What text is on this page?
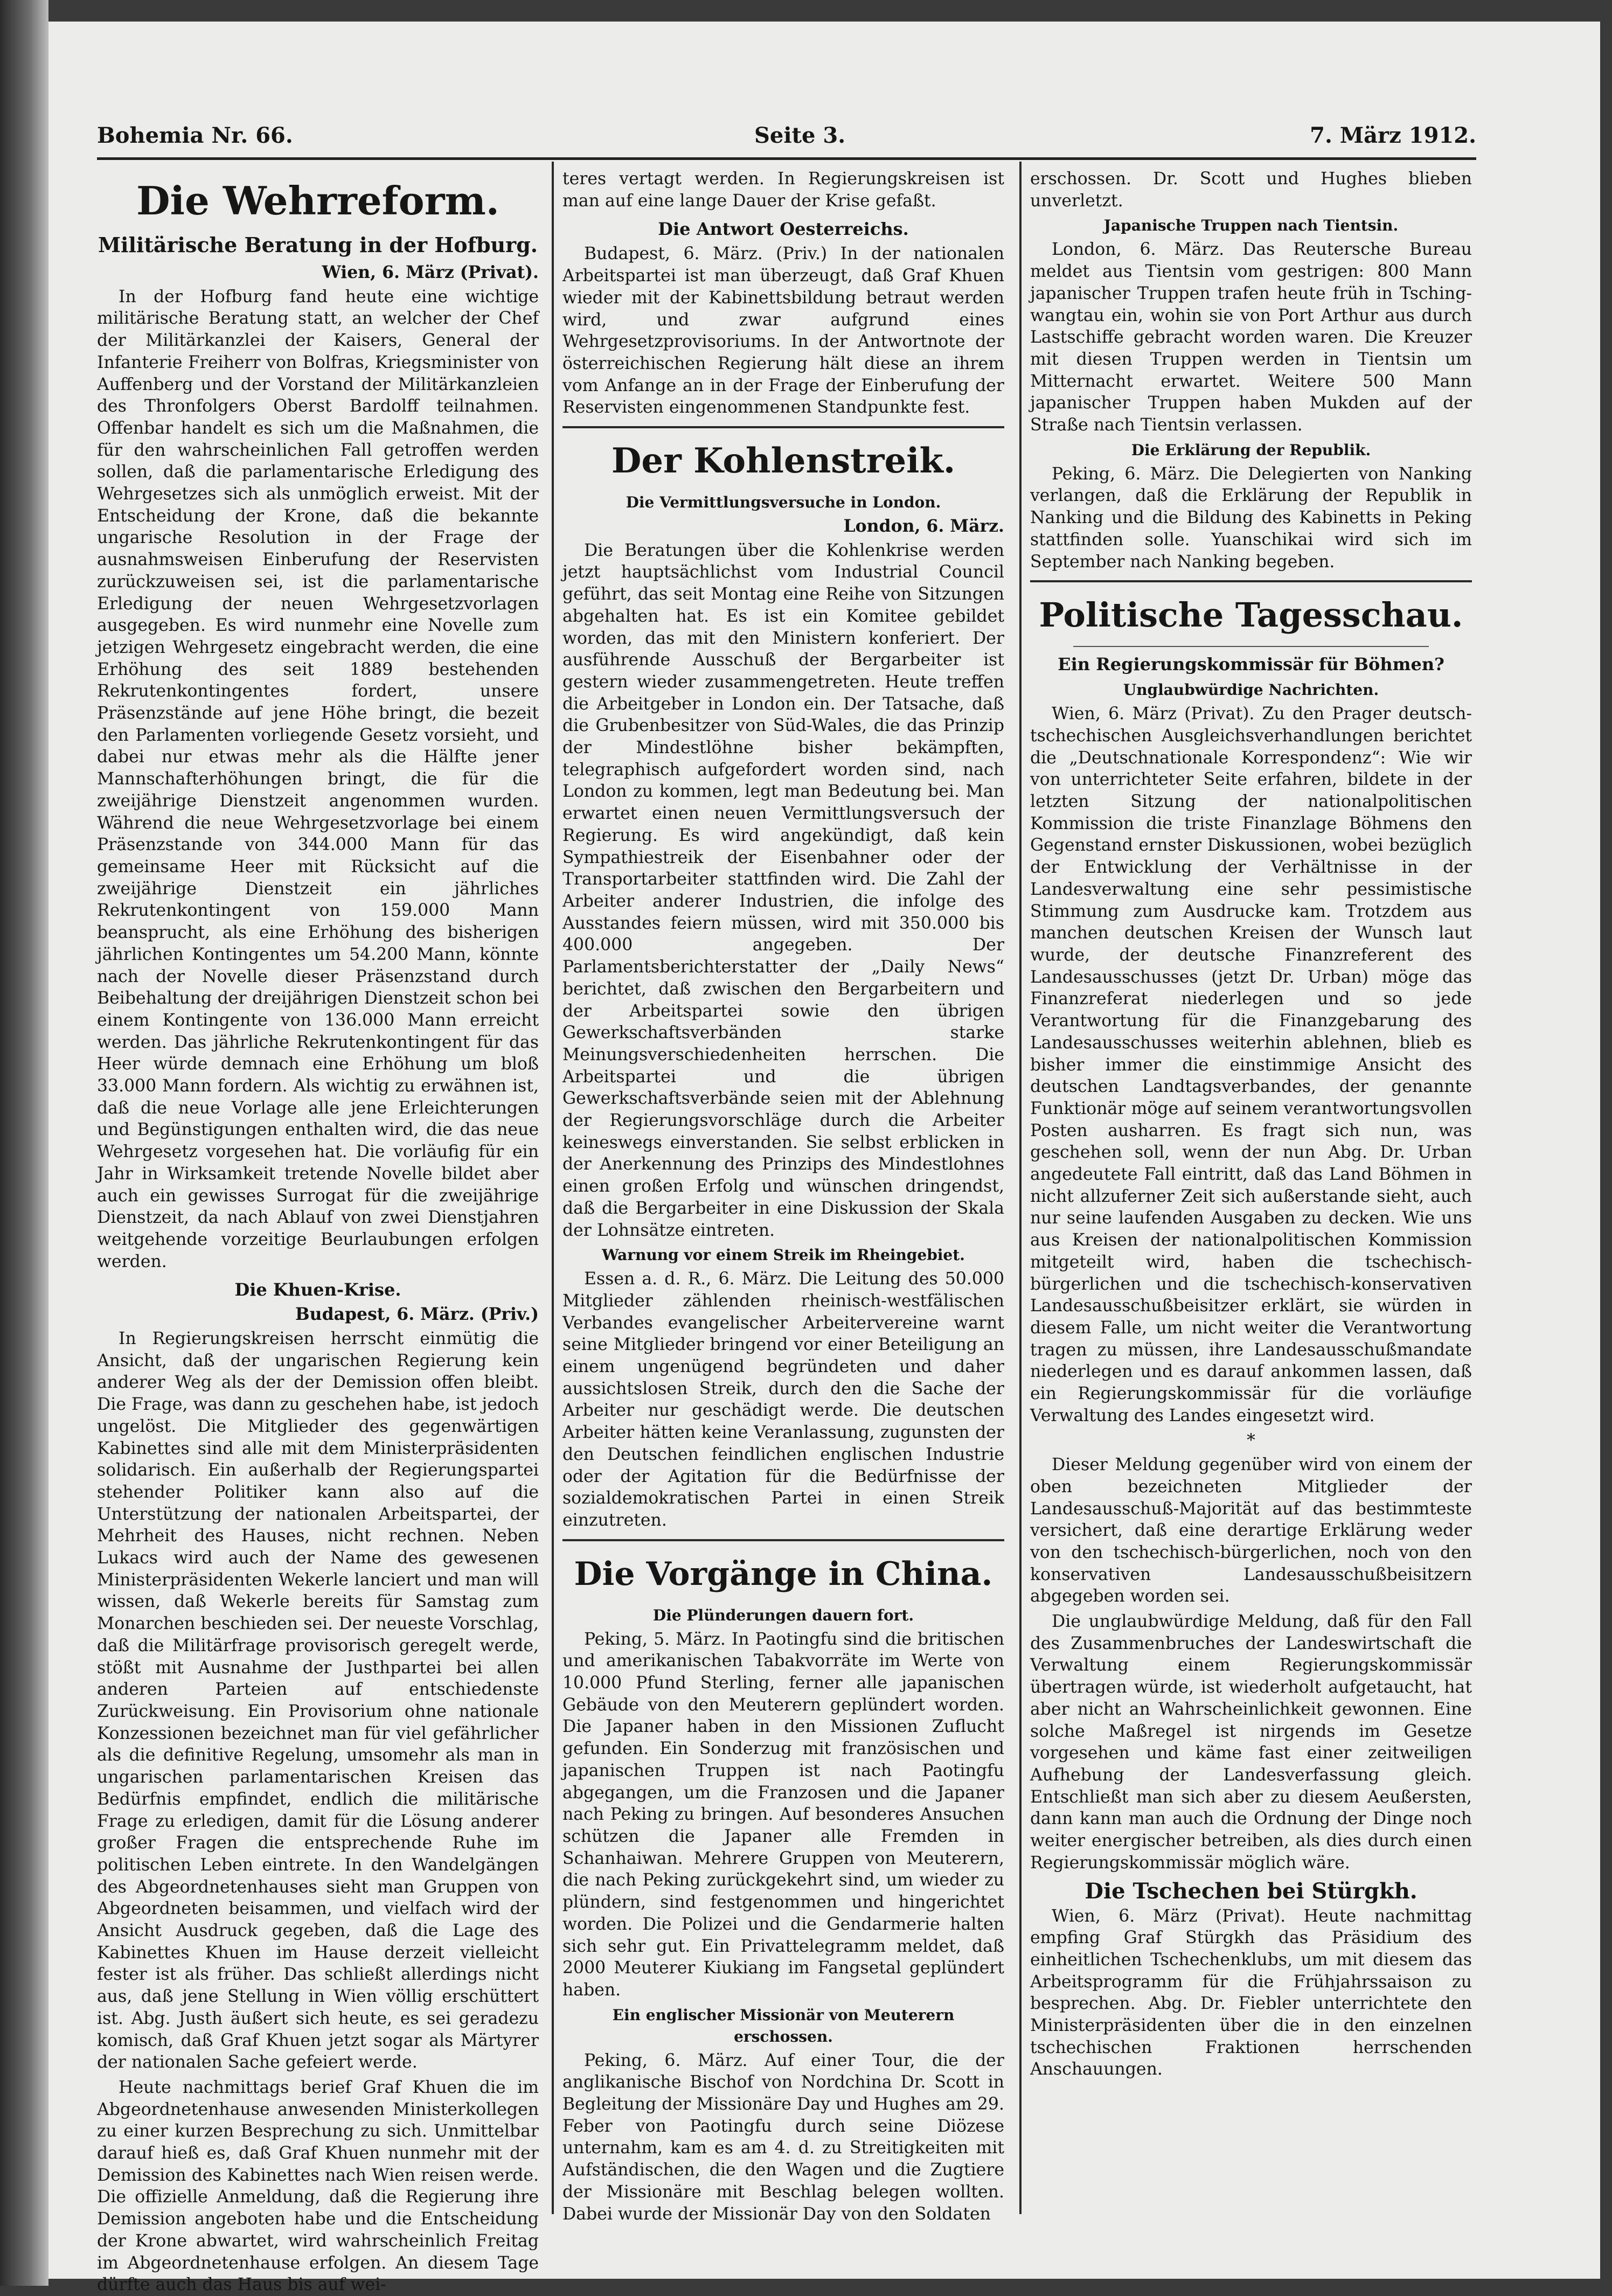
Bohemia Nr. 66.	Seite 3.	7. März 1912.
Die Wehrreform.
Militärische Beratung in der Hofburg.
Wien, 6. März (Privat).

In der Hofburg fand heute eine wichtige militärische Beratung statt, an welcher der Chef der Militärkanzlei der Kaisers, General der Infanterie Freiherr von Bolfras, Kriegsminister von Auffenberg und der Vorstand der Militärkanzleien des Thronfolgers Oberst Bardolff teilnahmen. Offenbar handelt es sich um die Maßnahmen, die für den wahrscheinlichen Fall getroffen werden sollen, daß die parlamentarische Erledigung des Wehrgesetzes sich als unmöglich erweist. Mit der Entscheidung der Krone, daß die bekannte ungarische Resolution in der Frage der ausnahmsweisen Einberufung der Reservisten zurückzuweisen sei, ist die parlamentarische Erledigung der neuen Wehrgesetzvorlagen ausgegeben. Es wird nunmehr eine Novelle zum jetzigen Wehrgesetz eingebracht werden, die eine Erhöhung des seit 1889 bestehenden Rekrutenkontingentes fordert, unsere Präsenzstände auf jene Höhe bringt, die bezeit den Parlamenten vorliegende Gesetz vorsieht, und dabei nur etwas mehr als die Hälfte jener Mannschafterhöhungen bringt, die für die zweijährige Dienstzeit angenommen wurden. Während die neue Wehrgesetzvorlage bei einem Präsenzstande von 344.000 Mann für das gemeinsame Heer mit Rücksicht auf die zweijährige Dienstzeit ein jährliches Rekrutenkontingent von 159.000 Mann beansprucht, als eine Erhöhung des bisherigen jährlichen Kontingentes um 54.200 Mann, könnte nach der Novelle dieser Präsenzstand durch Beibehaltung der dreijährigen Dienstzeit schon bei einem Kontingente von 136.000 Mann erreicht werden. Das jährliche Rekrutenkontingent für das Heer würde demnach eine Erhöhung um bloß 33.000 Mann fordern. Als wichtig zu erwähnen ist, daß die neue Vorlage alle jene Erleichterungen und Begünstigungen enthalten wird, die das neue Wehrgesetz vorgesehen hat. Die vorläufig für ein Jahr in Wirksamkeit tretende Novelle bildet aber auch ein gewisses Surrogat für die zweijährige Dienstzeit, da nach Ablauf von zwei Dienstjahren weitgehende vorzeitige Beurlaubungen erfolgen werden.

Die Khuen-Krise.
Budapest, 6. März. (Priv.)

In Regierungskreisen herrscht einmütig die Ansicht, daß der ungarischen Regierung kein anderer Weg als der der Demission offen bleibt. Die Frage, was dann zu geschehen habe, ist jedoch ungelöst. Die Mitglieder des gegenwärtigen Kabinettes sind alle mit dem Ministerpräsidenten solidarisch. Ein außerhalb der Regierungspartei stehender Politiker kann also auf die Unterstützung der nationalen Arbeitspartei, der Mehrheit des Hauses, nicht rechnen. Neben Lukacs wird auch der Name des gewesenen Ministerpräsidenten Wekerle lanciert und man will wissen, daß Wekerle bereits für Samstag zum Monarchen beschieden sei. Der neueste Vorschlag, daß die Militärfrage provisorisch geregelt werde, stößt mit Ausnahme der Justhpartei bei allen anderen Parteien auf entschiedenste Zurückweisung. Ein Provisorium ohne nationale Konzessionen bezeichnet man für viel gefährlicher als die definitive Regelung, umsomehr als man in ungarischen parlamentarischen Kreisen das Bedürfnis empfindet, endlich die militärische Frage zu erledigen, damit für die Lösung anderer großer Fragen die entsprechende Ruhe im politischen Leben eintrete. In den Wandelgängen des Abgeordnetenhauses sieht man Gruppen von Abgeordneten beisammen, und vielfach wird der Ansicht Ausdruck gegeben, daß die Lage des Kabinettes Khuen im Hause derzeit vielleicht fester ist als früher. Das schließt allerdings nicht aus, daß jene Stellung in Wien völlig erschüttert ist. Abg. Justh äußert sich heute, es sei geradezu komisch, daß Graf Khuen jetzt sogar als Märtyrer der nationalen Sache gefeiert werde.

Heute nachmittags berief Graf Khuen die im Abgeordnetenhause anwesenden Ministerkollegen zu einer kurzen Besprechung zu sich. Unmittelbar darauf hieß es, daß Graf Khuen nunmehr mit der Demission des Kabinettes nach Wien reisen werde. Die offizielle Anmeldung, daß die Regierung ihre Demission angeboten habe und die Entscheidung der Krone abwartet, wird wahrscheinlich Freitag im Abgeordnetenhause erfolgen. An diesem Tage dürfte auch das Haus bis auf wei-

teres vertagt werden. In Regierungskreisen ist man auf eine lange Dauer der Krise gefaßt.

Die Antwort Oesterreichs.

Budapest, 6. März. (Priv.) In der nationalen Arbeitspartei ist man überzeugt, daß Graf Khuen wieder mit der Kabinettsbildung betraut werden wird, und zwar aufgrund eines Wehrgesetzprovisoriums. In der Antwortnote der österreichischen Regierung hält diese an ihrem vom Anfange an in der Frage der Einberufung der Reservisten eingenommenen Standpunkte fest.

Der Kohlenstreik.
Die Vermittlungsversuche in London.
London, 6. März.

Die Beratungen über die Kohlenkrise werden jetzt hauptsächlichst vom Industrial Council geführt, das seit Montag eine Reihe von Sitzungen abgehalten hat. Es ist ein Komitee gebildet worden, das mit den Ministern konferiert. Der ausführende Ausschuß der Bergarbeiter ist gestern wieder zusammengetreten. Heute treffen die Arbeitgeber in London ein. Der Tatsache, daß die Grubenbesitzer von Süd-Wales, die das Prinzip der Mindestlöhne bisher bekämpften, telegraphisch aufgefordert worden sind, nach London zu kommen, legt man Bedeutung bei. Man erwartet einen neuen Vermittlungsversuch der Regierung. Es wird angekündigt, daß kein Sympathiestreik der Eisenbahner oder der Transportarbeiter stattfinden wird. Die Zahl der Arbeiter anderer Industrien, die infolge des Ausstandes feiern müssen, wird mit 350.000 bis 400.000 angegeben. Der Parlamentsberichterstatter der „Daily News“ berichtet, daß zwischen den Bergarbeitern und der Arbeitspartei sowie den übrigen Gewerkschaftsverbänden starke Meinungsverschiedenheiten herrschen. Die Arbeitspartei und die übrigen Gewerkschaftsverbände seien mit der Ablehnung der Regierungsvorschläge durch die Arbeiter keineswegs einverstanden. Sie selbst erblicken in der Anerkennung des Prinzips des Mindestlohnes einen großen Erfolg und wünschen dringendst, daß die Bergarbeiter in eine Diskussion der Skala der Lohnsätze eintreten.

Warnung vor einem Streik im Rheingebiet.

Essen a. d. R., 6. März. Die Leitung des 50.000 Mitglieder zählenden rheinisch-westfälischen Verbandes evangelischer Arbeitervereine warnt seine Mitglieder bringend vor einer Beteiligung an einem ungenügend begründeten und daher aussichtslosen Streik, durch den die Sache der Arbeiter nur geschädigt werde. Die deutschen Arbeiter hätten keine Veranlassung, zugunsten der den Deutschen feindlichen englischen Industrie oder der Agitation für die Bedürfnisse der sozialdemokratischen Partei in einen Streik einzutreten.

Die Vorgänge in China.
Die Plünderungen dauern fort.

Peking, 5. März. In Paotingfu sind die britischen und amerikanischen Tabakvorräte im Werte von 10.000 Pfund Sterling, ferner alle japanischen Gebäude von den Meuterern geplündert worden. Die Japaner haben in den Missionen Zuflucht gefunden. Ein Sonderzug mit französischen und japanischen Truppen ist nach Paotingfu abgegangen, um die Franzosen und die Japaner nach Peking zu bringen. Auf besonderes Ansuchen schützen die Japaner alle Fremden in Schanhaiwan. Mehrere Gruppen von Meuterern, die nach Peking zurückgekehrt sind, um wieder zu plündern, sind festgenommen und hingerichtet worden. Die Polizei und die Gendarmerie halten sich sehr gut. Ein Privattelegramm meldet, daß 2000 Meuterer Kiukiang im Fangsetal geplündert haben.

Ein englischer Missionär von Meuterern erschossen.

Peking, 6. März. Auf einer Tour, die der anglikanische Bischof von Nordchina Dr. Scott in Begleitung der Missionäre Day und Hughes am 29. Feber von Paotingfu durch seine Diözese unternahm, kam es am 4. d. zu Streitigkeiten mit Aufständischen, die den Wagen und die Zugtiere der Missionäre mit Beschlag belegen wollten. Dabei wurde der Missionär Day von den Soldaten

erschossen. Dr. Scott und Hughes blieben unverletzt.

Japanische Truppen nach Tientsin.

London, 6. März. Das Reutersche Bureau meldet aus Tientsin vom gestrigen: 800 Mann japanischer Truppen trafen heute früh in Tsching-wangtau ein, wohin sie von Port Arthur aus durch Lastschiffe gebracht worden waren. Die Kreuzer mit diesen Truppen werden in Tientsin um Mitternacht erwartet. Weitere 500 Mann japanischer Truppen haben Mukden auf der Straße nach Tientsin verlassen.

Die Erklärung der Republik.

Peking, 6. März. Die Delegierten von Nanking verlangen, daß die Erklärung der Republik in Nanking und die Bildung des Kabinetts in Peking stattfinden solle. Yuanschikai wird sich im September nach Nanking begeben.

Politische Tagesschau.
Ein Regierungskommissär für Böhmen?
Unglaubwürdige Nachrichten.

Wien, 6. März (Privat). Zu den Prager deutsch-tschechischen Ausgleichsverhandlungen berichtet die „Deutschnationale Korrespondenz“: Wie wir von unterrichteter Seite erfahren, bildete in der letzten Sitzung der nationalpolitischen Kommission die triste Finanzlage Böhmens den Gegenstand ernster Diskussionen, wobei bezüglich der Entwicklung der Verhältnisse in der Landesverwaltung eine sehr pessimistische Stimmung zum Ausdrucke kam. Trotzdem aus manchen deutschen Kreisen der Wunsch laut wurde, der deutsche Finanzreferent des Landesausschusses (jetzt Dr. Urban) möge das Finanzreferat niederlegen und so jede Verantwortung für die Finanzgebarung des Landesausschusses weiterhin ablehnen, blieb es bisher immer die einstimmige Ansicht des deutschen Landtagsverbandes, der genannte Funktionär möge auf seinem verantwortungsvollen Posten ausharren. Es fragt sich nun, was geschehen soll, wenn der nun Abg. Dr. Urban angedeutete Fall eintritt, daß das Land Böhmen in nicht allzuferner Zeit sich außerstande sieht, auch nur seine laufenden Ausgaben zu decken. Wie uns aus Kreisen der nationalpolitischen Kommission mitgeteilt wird, haben die tschechisch-bürgerlichen und die tschechisch-konservativen Landesausschußbeisitzer erklärt, sie würden in diesem Falle, um nicht weiter die Verantwortung tragen zu müssen, ihre Landesausschußmandate niederlegen und es darauf ankommen lassen, daß ein Regierungskommissär für die vorläufige Verwaltung des Landes eingesetzt wird.

*

Dieser Meldung gegenüber wird von einem der oben bezeichneten Mitglieder der Landesausschuß-Majorität auf das bestimmteste versichert, daß eine derartige Erklärung weder von den tschechisch-bürgerlichen, noch von den konservativen Landesausschußbeisitzern abgegeben worden sei.

Die unglaubwürdige Meldung, daß für den Fall des Zusammenbruches der Landeswirtschaft die Verwaltung einem Regierungskommissär übertragen würde, ist wiederholt aufgetaucht, hat aber nicht an Wahrscheinlichkeit gewonnen. Eine solche Maßregel ist nirgends im Gesetze vorgesehen und käme fast einer zeitweiligen Aufhebung der Landesverfassung gleich. Entschließt man sich aber zu diesem Aeußersten, dann kann man auch die Ordnung der Dinge noch weiter energischer betreiben, als dies durch einen Regierungskommissär möglich wäre.

Die Tschechen bei Stürgkh.

Wien, 6. März (Privat). Heute nachmittag empfing Graf Stürgkh das Präsidium des einheitlichen Tschechenklubs, um mit diesem das Arbeitsprogramm für die Frühjahrssaison zu besprechen. Abg. Dr. Fiebler unterrichtete den Ministerpräsidenten über die in den einzelnen tschechischen Fraktionen herrschenden Anschauungen.
